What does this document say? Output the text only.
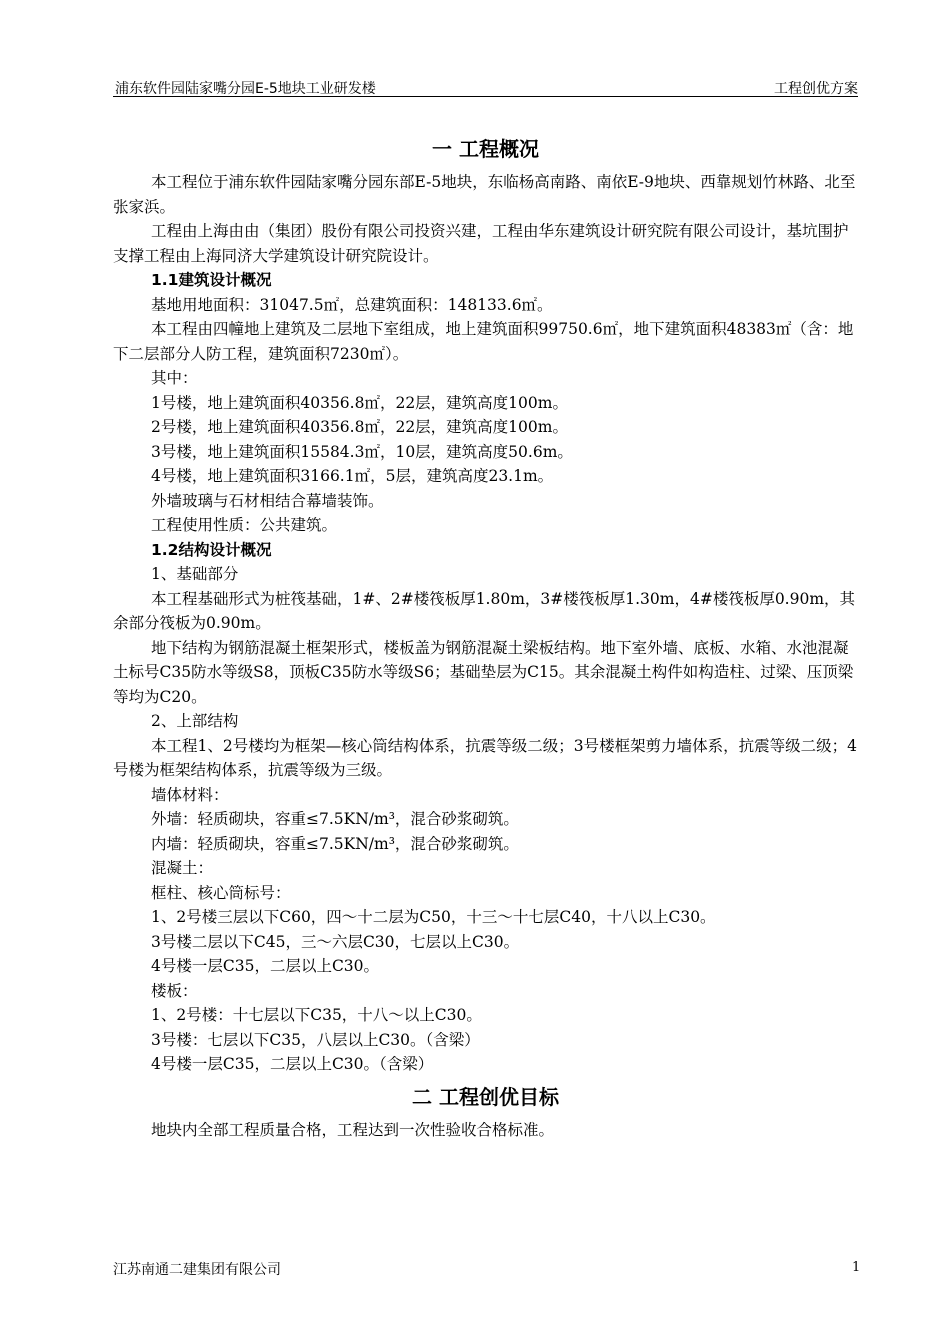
浦东软件园陆家嘴分园E-5地块工业研发楼	工程创优方案
一 工程概况

本工程位于浦东软件园陆家嘴分园东部E-5地块，东临杨高南路、南依E-9地块、西靠规划竹林路、北至张家浜。

工程由上海由由（集团）股份有限公司投资兴建，工程由华东建筑设计研究院有限公司设计，基坑围护支撑工程由上海同济大学建筑设计研究院设计。

1.1建筑设计概况

基地用地面积：31047.5㎡，总建筑面积：148133.6㎡。

本工程由四幢地上建筑及二层地下室组成，地上建筑面积99750.6㎡，地下建筑面积48383㎡（含：地下二层部分人防工程，建筑面积7230㎡）。

其中：

1号楼，地上建筑面积40356.8㎡，22层，建筑高度100m。

2号楼，地上建筑面积40356.8㎡，22层，建筑高度100m。

3号楼，地上建筑面积15584.3㎡，10层，建筑高度50.6m。

4号楼，地上建筑面积3166.1㎡，5层，建筑高度23.1m。

外墙玻璃与石材相结合幕墙装饰。

工程使用性质：公共建筑。

1.2结构设计概况

1、基础部分

本工程基础形式为桩筏基础，1#、2#楼筏板厚1.80m，3#楼筏板厚1.30m，4#楼筏板厚0.90m，其余部分筏板为0.90m。

地下结构为钢筋混凝土框架形式，楼板盖为钢筋混凝土梁板结构。地下室外墙、底板、水箱、水池混凝土标号C35防水等级S8，顶板C35防水等级S6；基础垫层为C15。其余混凝土构件如构造柱、过梁、压顶梁等均为C20。

2、上部结构

本工程1、2号楼均为框架—核心筒结构体系，抗震等级二级；3号楼框架剪力墙体系，抗震等级二级；4号楼为框架结构体系，抗震等级为三级。

墙体材料：

外墙：轻质砌块，容重≤7.5KN/m³，混合砂浆砌筑。

内墙：轻质砌块，容重≤7.5KN/m³，混合砂浆砌筑。

混凝土：

框柱、核心筒标号：

1、2号楼三层以下C60，四～十二层为C50，十三～十七层C40，十八以上C30。

3号楼二层以下C45，三～六层C30，七层以上C30。

4号楼一层C35，二层以上C30。

楼板：

1、2号楼：十七层以下C35，十八～以上C30。

3号楼：七层以下C35，八层以上C30。（含梁）

4号楼一层C35，二层以上C30。（含梁）

二 工程创优目标

地块内全部工程质量合格，工程达到一次性验收合格标准。

江苏南通二建集团有限公司	1
